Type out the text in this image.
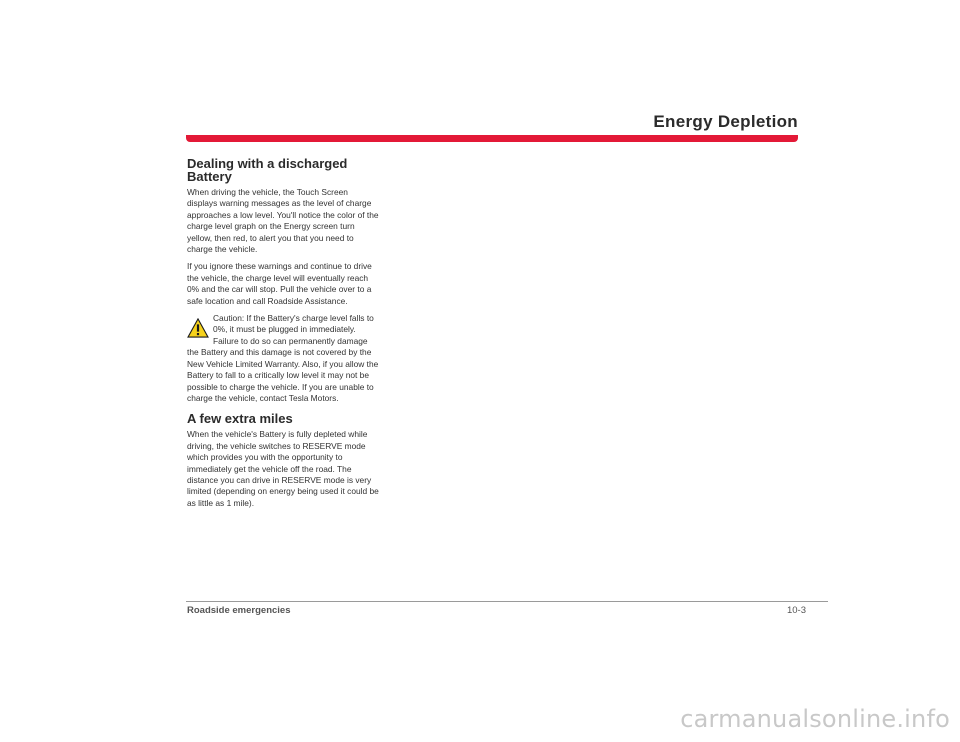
Energy Depletion
Dealing with a discharged Battery

When driving the vehicle, the Touch Screen displays warning messages as the level of charge approaches a low level. You'll notice the color of the charge level graph on the Energy screen turn yellow, then red, to alert you that you need to charge the vehicle.

If you ignore these warnings and continue to drive the vehicle, the charge level will eventually reach 0% and the car will stop. Pull the vehicle over to a safe location and call Roadside Assistance.

Caution: If the Battery's charge level falls to 0%, it must be plugged in immediately. Failure to do so can permanently damage the Battery and this damage is not covered by the New Vehicle Limited Warranty. Also, if you allow the Battery to fall to a critically low level it may not be possible to charge the vehicle. If you are unable to charge the vehicle, contact Tesla Motors.
A few extra miles

When the vehicle's Battery is fully depleted while driving, the vehicle switches to RESERVE mode which provides you with the opportunity to immediately get the vehicle off the road. The distance you can drive in RESERVE mode is very limited (depending on energy being used it could be as little as 1 mile).

Roadside emergencies	10-3
carmanualsonline.info
